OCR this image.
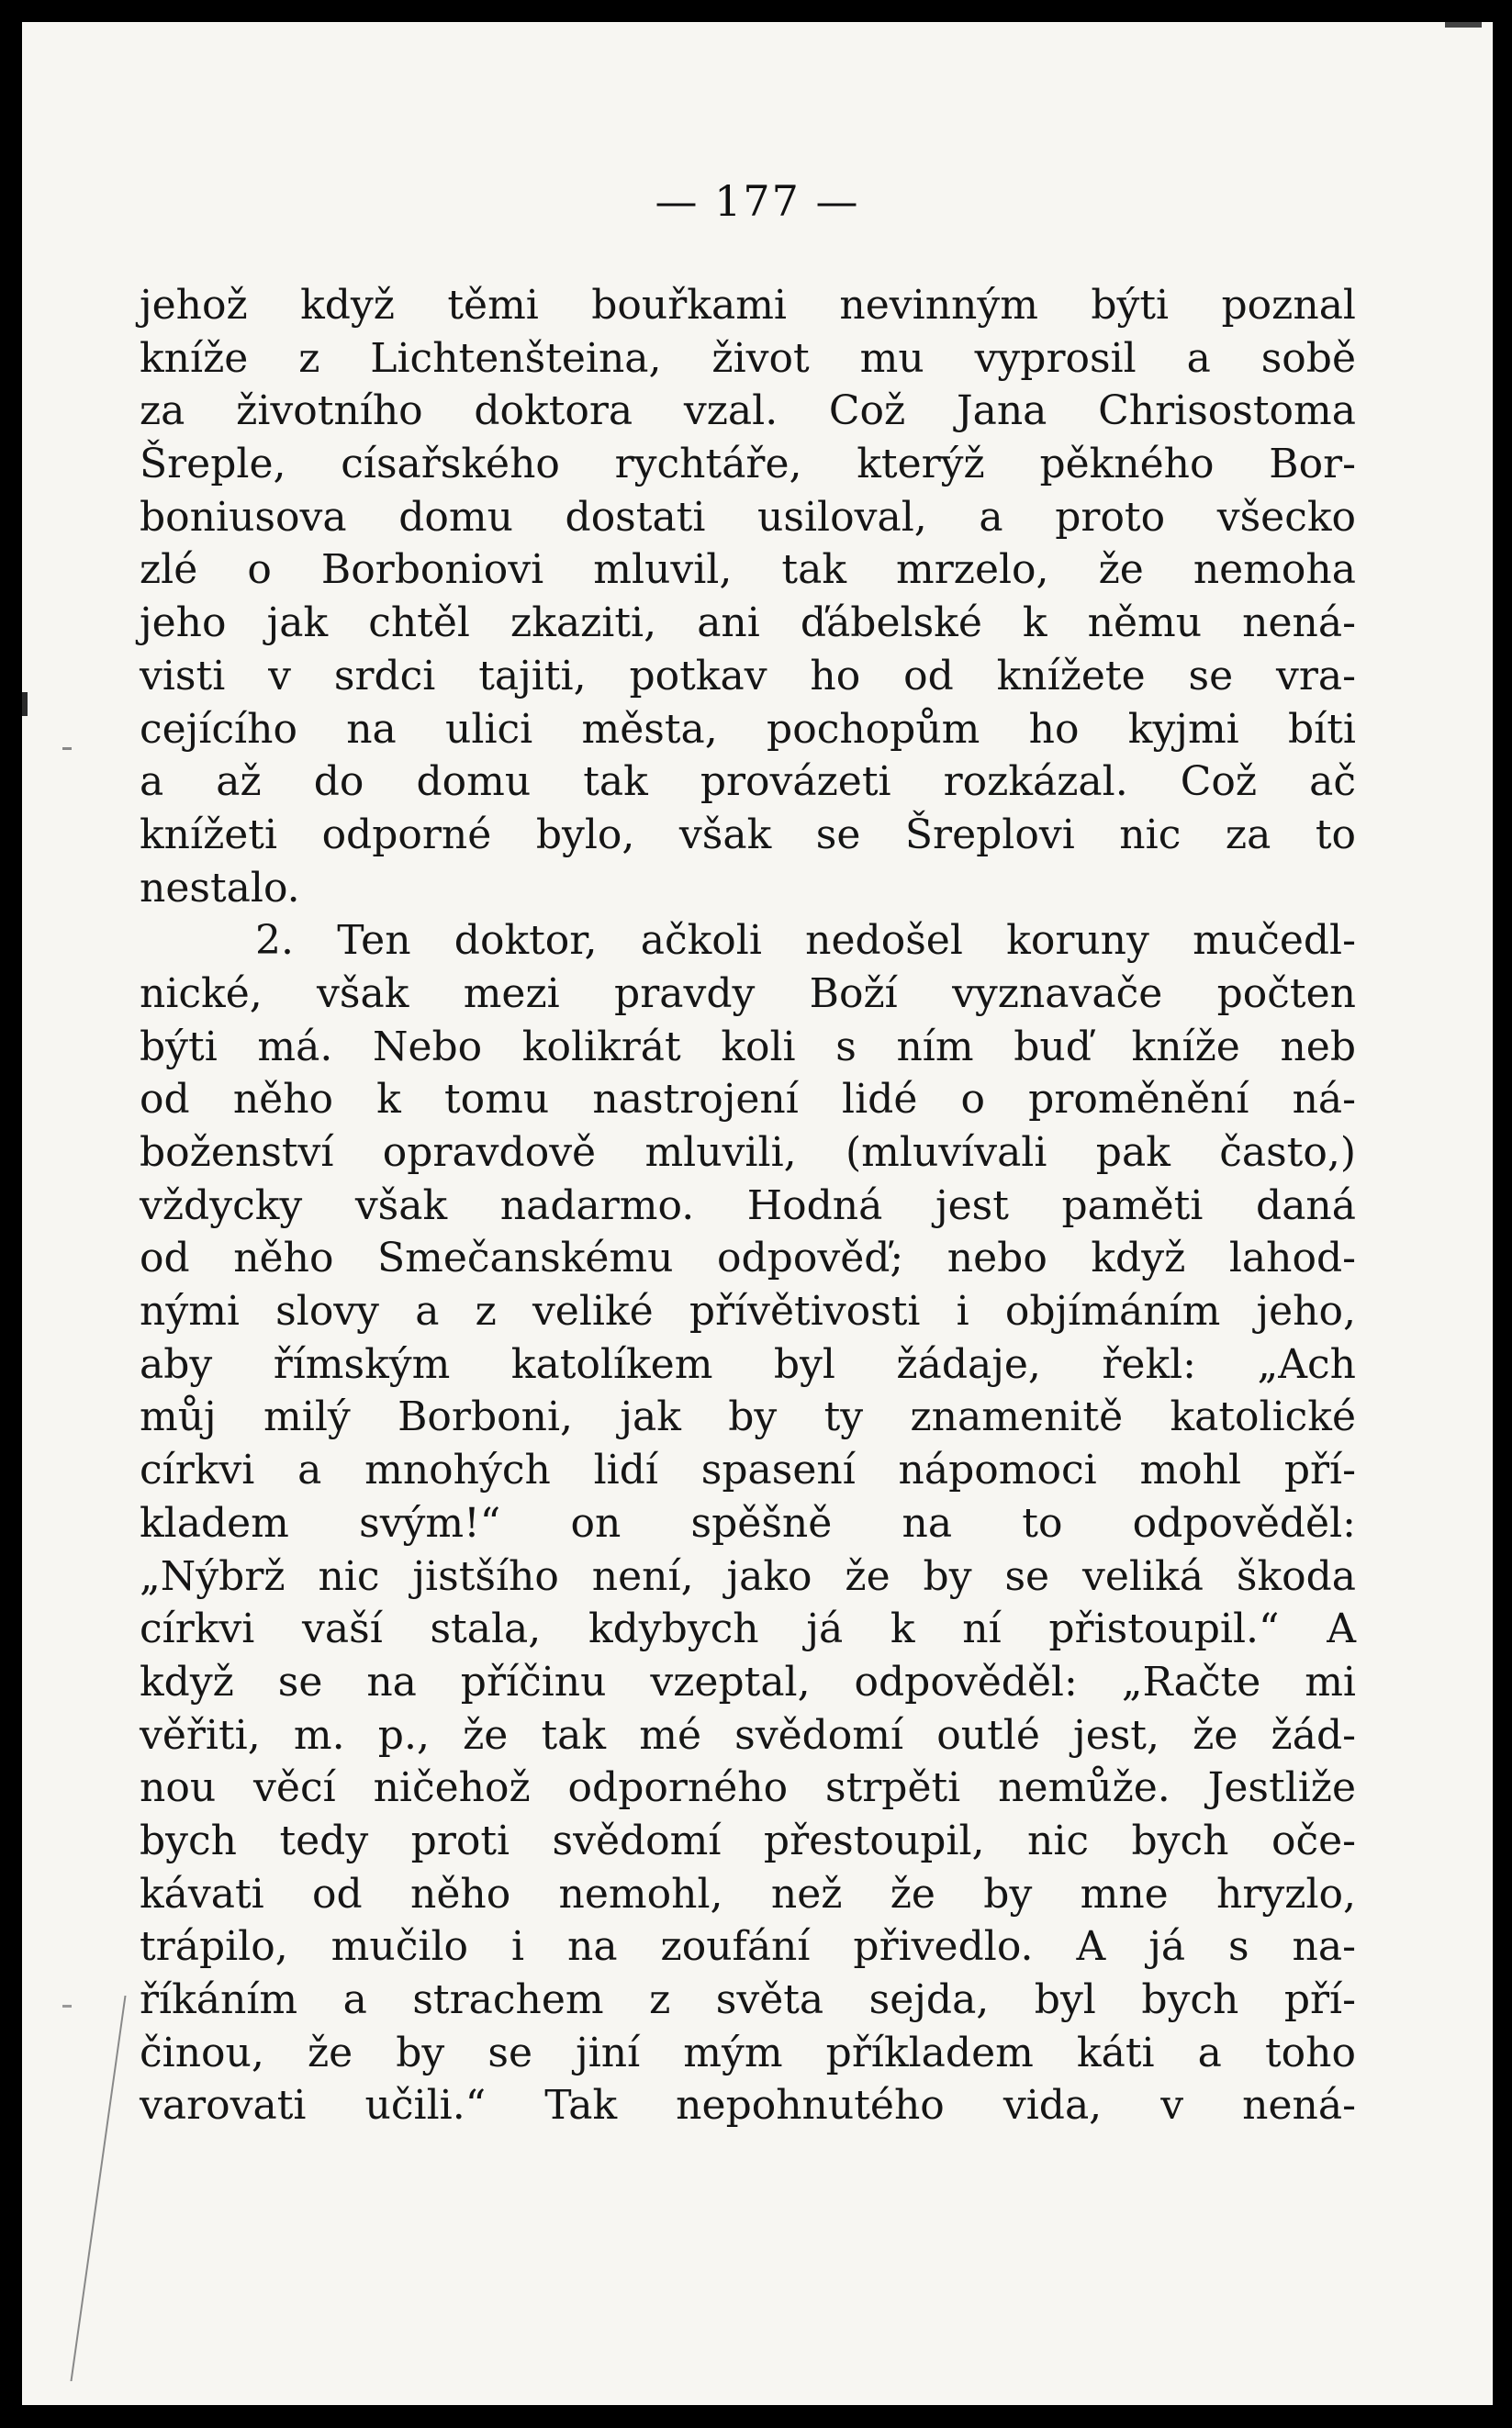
— 177 —
jehož když těmi bouřkami nevinným býti poznal
kníže z Lichtenšteina, život mu vyprosil a sobě
za životního doktora vzal. Což Jana Chrisostoma
Šreple, císařského rychtáře, kterýž pěkného Bor-
boniusova domu dostati usiloval, a proto všecko
zlé o Borboniovi mluvil, tak mrzelo, že nemoha
jeho jak chtěl zkaziti, ani ďábelské k němu nená-
visti v srdci tajiti, potkav ho od knížete se vra-
cejícího na ulici města, pochopům ho kyjmi bíti
a až do domu tak provázeti rozkázal. Což ač
knížeti odporné bylo, však se Šreplovi nic za to
nestalo.
2. Ten doktor, ačkoli nedošel koruny mučedl-
nické, však mezi pravdy Boží vyznavače počten
býti má. Nebo kolikrát koli s ním buď kníže neb
od něho k tomu nastrojení lidé o proměnění ná-
boženství opravdově mluvili, (mluvívali pak často,)
vždycky však nadarmo. Hodná jest paměti daná
od něho Smečanskému odpověď; nebo když lahod-
nými slovy a z veliké přívětivosti i objímáním jeho,
aby římským katolíkem byl žádaje, řekl: „Ach
můj milý Borboni, jak by ty znamenitě katolické
církvi a mnohých lidí spasení nápomoci mohl pří-
kladem svým!“ on spěšně na to odpověděl:
„Nýbrž nic jistšího není, jako že by se veliká škoda
církvi vaší stala, kdybych já k ní přistoupil.“ A
když se na příčinu vzeptal, odpověděl: „Račte mi
věřiti, m. p., že tak mé svědomí outlé jest, že žád-
nou věcí ničehož odporného strpěti nemůže. Jestliže
bych tedy proti svědomí přestoupil, nic bych oče-
kávati od něho nemohl, než že by mne hryzlo,
trápilo, mučilo i na zoufání přivedlo. A já s na-
říkáním a strachem z světa sejda, byl bych pří-
činou, že by se jiní mým příkladem káti a toho
varovati učili.“ Tak nepohnutého vida, v nená-
